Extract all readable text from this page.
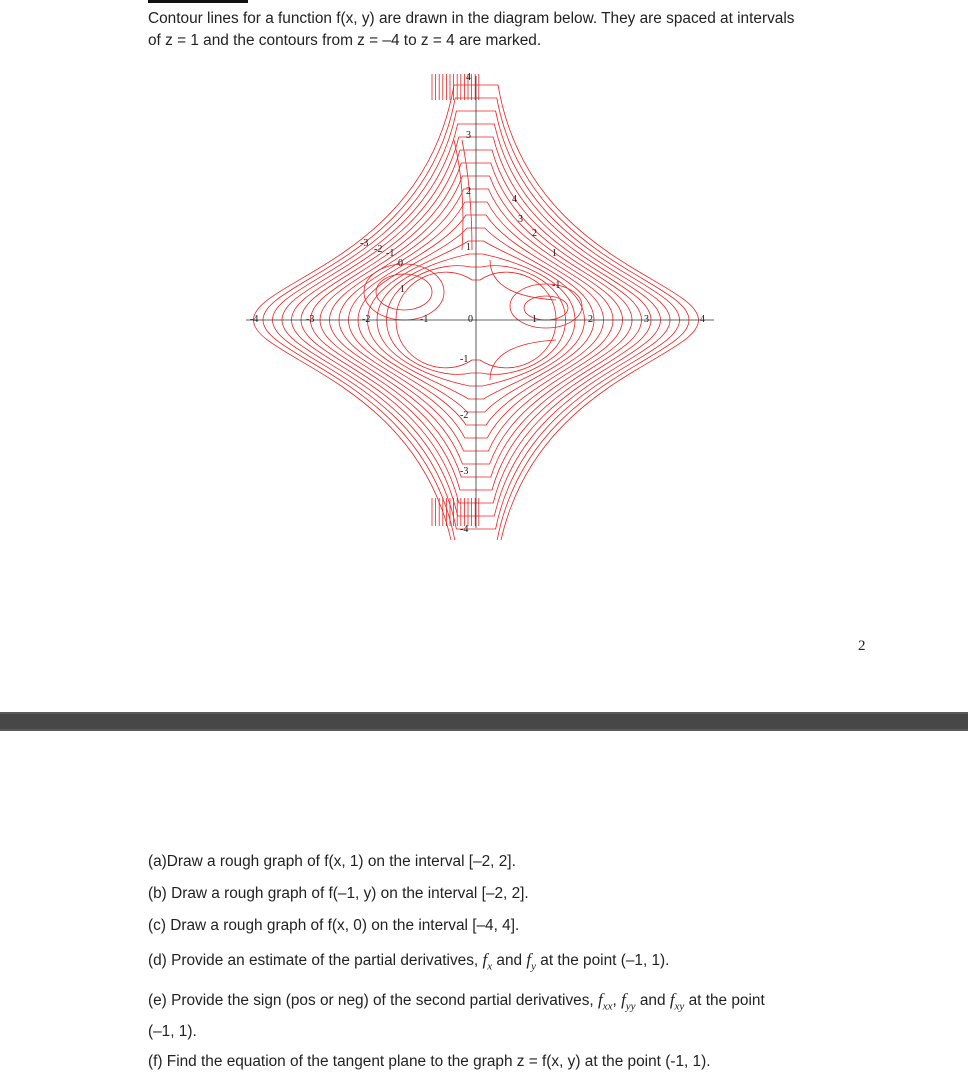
Contour lines for a function f(x, y) are drawn in the diagram below. They are spaced at intervals

of z = 1 and the contours from z = –4 to z = 4 are marked.

-4	-3	-2	-1	0	1	2	3	4
4
3
2
1
-1
-2
-3
-4
-3
-2 -1
0
1
4
3
2
1
-1
2
(a)Draw a rough graph of f(x, 1) on the interval [–2, 2].
(b) Draw a rough graph of f(–1, y) on the interval [–2, 2].
(c) Draw a rough graph of f(x, 0) on the interval [–4, 4].
(d) Provide an estimate of the partial derivatives, $f_x$ and $f_y$ at the point (–1, 1).
(e) Provide the sign (pos or neg) of the second partial derivatives, $f_{xx}$, $f_{yy}$ and $f_{xy}$ at the point
(–1, 1).
(f) Find the equation of the tangent plane to the graph z = f(x, y) at the point (-1, 1).
